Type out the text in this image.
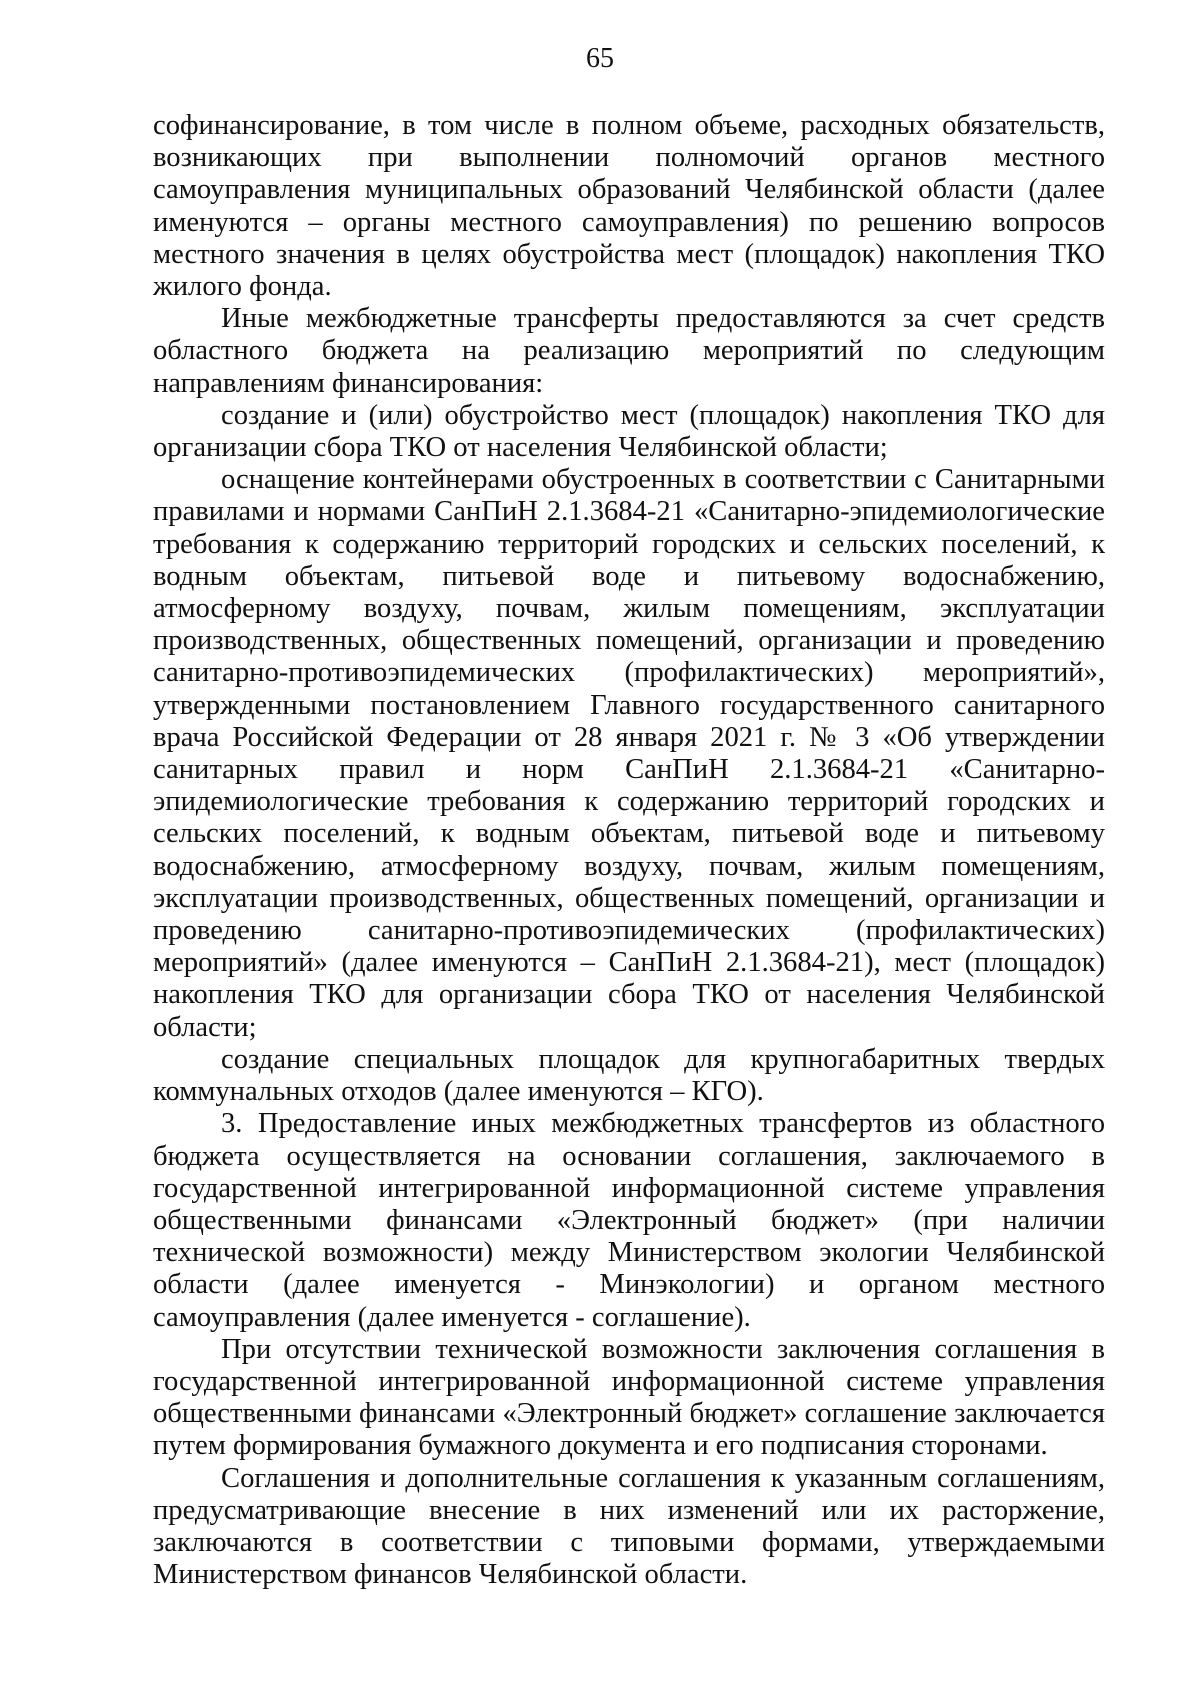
65

софинансирование, в том числе в полном объеме, расходных обязательств, возникающих при выполнении полномочий органов местного самоуправления муниципальных образований Челябинской области (далее именуются – органы местного самоуправления) по решению вопросов местного значения в целях обустройства мест (площадок) накопления ТКО жилого фонда.

Иные межбюджетные трансферты предоставляются за счет средств областного бюджета на реализацию мероприятий по следующим направлениям финансирования:

создание и (или) обустройство мест (площадок) накопления ТКО для организации сбора ТКО от населения Челябинской области;

оснащение контейнерами обустроенных в соответствии с Санитарными правилами и нормами СанПиН 2.1.3684-21 «Санитарно-эпидемиологические требования к содержанию территорий городских и сельских поселений, к водным объектам, питьевой воде и питьевому водоснабжению, атмосферному воздуху, почвам, жилым помещениям, эксплуатации производственных, общественных помещений, организации и проведению санитарно-противоэпидемических (профилактических) мероприятий», утвержденными постановлением Главного государственного санитарного врача Российской Федерации от 28 января 2021 г. № 3 «Об утверждении санитарных правил и норм СанПиН 2.1.3684-21 «Санитарно-эпидемиологические требования к содержанию территорий городских и сельских поселений, к водным объектам, питьевой воде и питьевому водоснабжению, атмосферному воздуху, почвам, жилым помещениям, эксплуатации производственных, общественных помещений, организации и проведению санитарно-противоэпидемических (профилактических) мероприятий» (далее именуются – СанПиН 2.1.3684-21), мест (площадок) накопления ТКО для организации сбора ТКО от населения Челябинской области;

создание специальных площадок для крупногабаритных твердых коммунальных отходов (далее именуются – КГО).

3. Предоставление иных межбюджетных трансфертов из областного бюджета осуществляется на основании соглашения, заключаемого в государственной интегрированной информационной системе управления общественными финансами «Электронный бюджет» (при наличии технической возможности) между Министерством экологии Челябинской области (далее именуется - Минэкологии) и органом местного самоуправления (далее именуется - соглашение).

При отсутствии технической возможности заключения соглашения в государственной интегрированной информационной системе управления общественными финансами «Электронный бюджет» соглашение заключается путем формирования бумажного документа и его подписания сторонами.

Соглашения и дополнительные соглашения к указанным соглашениям, предусматривающие внесение в них изменений или их расторжение, заключаются в соответствии с типовыми формами, утверждаемыми Министерством финансов Челябинской области.
